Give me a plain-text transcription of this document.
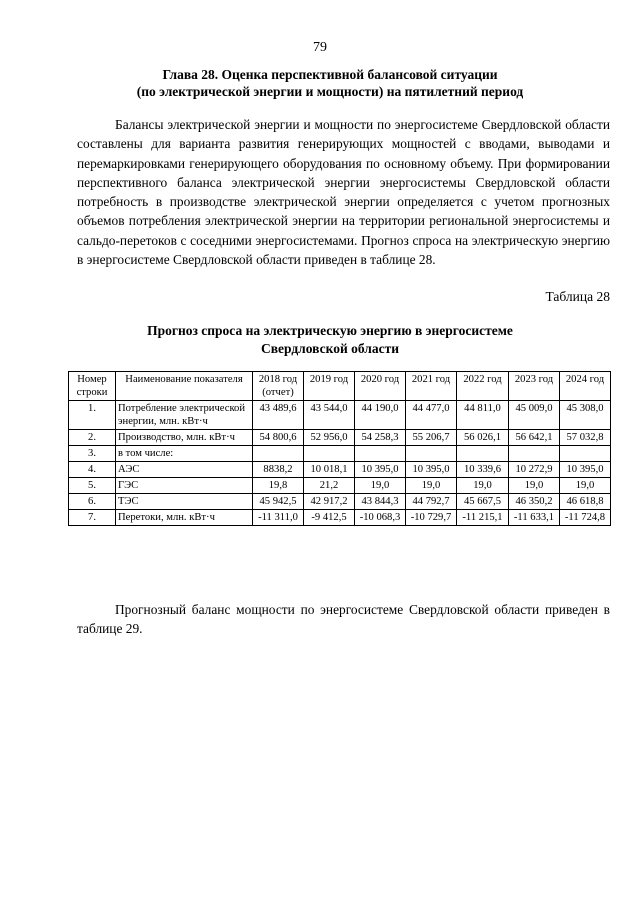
79
Глава 28. Оценка перспективной балансовой ситуации
(по электрической энергии и мощности) на пятилетний период

Балансы электрической энергии и мощности по энергосистеме Свердловской области составлены для варианта развития генерирующих мощностей с вводами, выводами и перемаркировками генерирующего оборудования по основному объему. При формировании перспективного баланса электрической энергии энергосистемы Свердловской области потребность в производстве электрической энергии определяется с учетом прогнозных объемов потребления электрической энергии на территории региональной энергосистемы и сальдо-перетоков с соседними энергосистемами. Прогноз спроса на электрическую энергию в энергосистеме Свердловской области приведен в таблице 28.

Таблица 28
Прогноз спроса на электрическую энергию в энергосистеме
Свердловской области
Номер строки	Наименование показателя	2018 год (отчет)	2019 год	2020 год	2021 год	2022 год	2023 год	2024 год
1.	Потребление электрической энергии, млн. кВт·ч	43 489,6	43 544,0	44 190,0	44 477,0	44 811,0	45 009,0	45 308,0
2.	Производство, млн. кВт·ч	54 800,6	52 956,0	54 258,3	55 206,7	56 026,1	56 642,1	57 032,8
3.	в том числе:							
4.	АЭС	8838,2	10 018,1	10 395,0	10 395,0	10 339,6	10 272,9	10 395,0
5.	ГЭС	19,8	21,2	19,0	19,0	19,0	19,0	19,0
6.	ТЭС	45 942,5	42 917,2	43 844,3	44 792,7	45 667,5	46 350,2	46 618,8
7.	Перетоки, млн. кВт·ч	-11 311,0	-9 412,5	-10 068,3	-10 729,7	-11 215,1	-11 633,1	-11 724,8

Прогнозный баланс мощности по энергосистеме Свердловской области приведен в таблице 29.
